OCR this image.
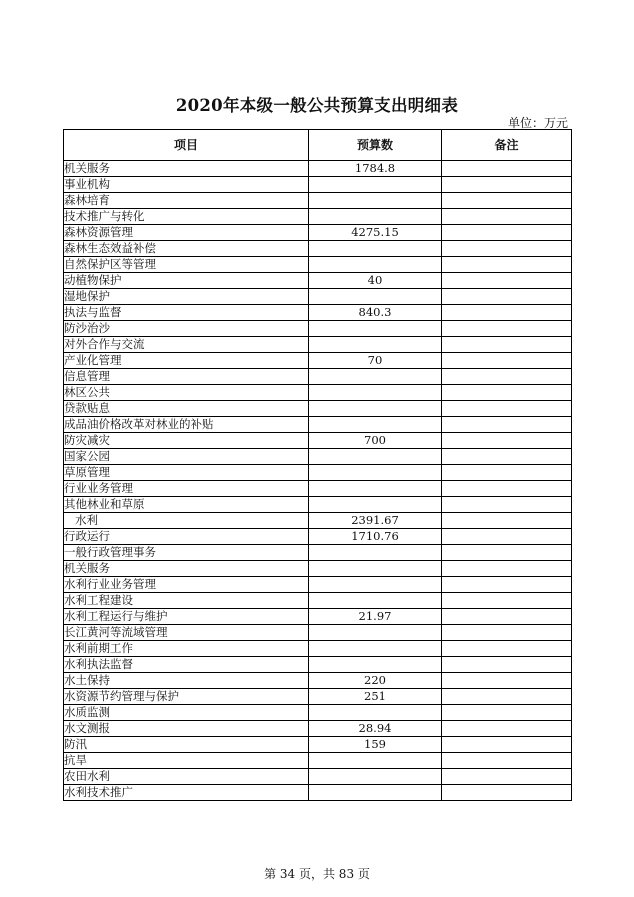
2020年本级一般公共预算支出明细表
单位：万元
项目	预算数	备注
机关服务	1784.8	
事业机构		
森林培育		
技术推广与转化		
森林资源管理	4275.15	
森林生态效益补偿		
自然保护区等管理		
动植物保护	40	
湿地保护		
执法与监督	840.3	
防沙治沙		
对外合作与交流		
产业化管理	70	
信息管理		
林区公共		
贷款贴息		
成品油价格改革对林业的补贴		
防灾减灾	700	
国家公园		
草原管理		
行业业务管理		
其他林业和草原		
水利	2391.67	
行政运行	1710.76	
一般行政管理事务		
机关服务		
水利行业业务管理		
水利工程建设		
水利工程运行与维护	21.97	
长江黄河等流域管理		
水利前期工作		
水利执法监督		
水土保持	220	
水资源节约管理与保护	251	
水质监测		
水文测报	28.94	
防汛	159	
抗旱		
农田水利		
水利技术推广		
第 34 页，共 83 页
